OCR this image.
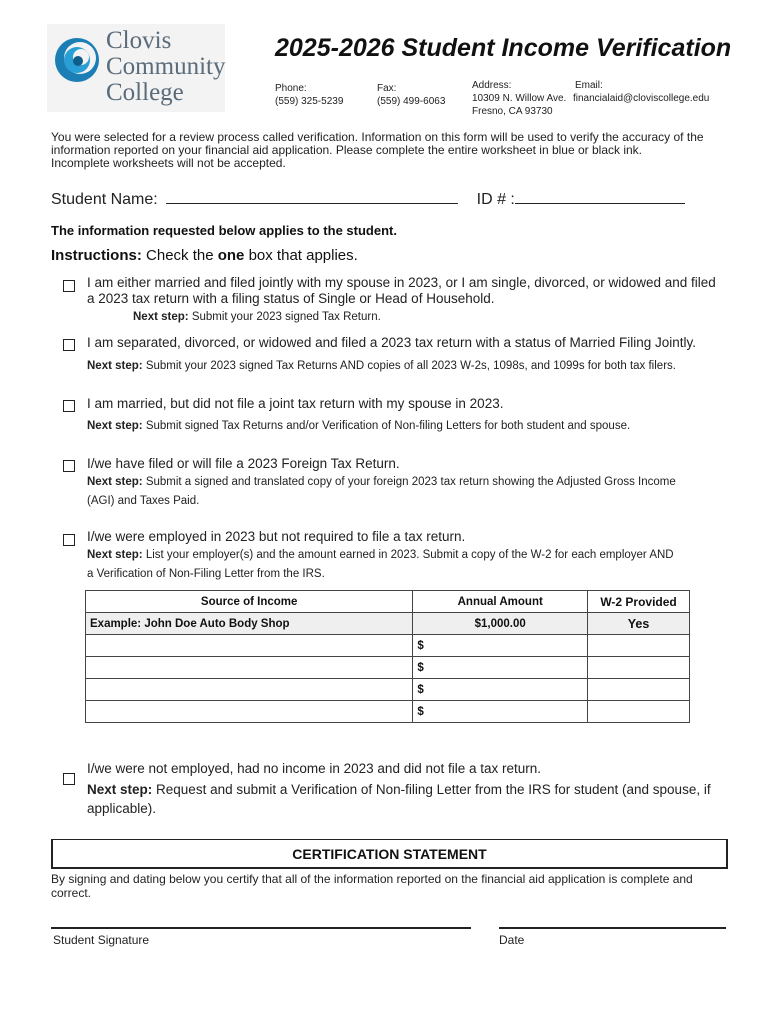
Clovis
Community
College
2025-2026 Student Income Verification
Phone:
(559) 325-5239
Fax:
(559) 499-6063
Address:
10309 N. Willow Ave.
Fresno, CA 93730
Email:
financialaid@cloviscollege.edu
You were selected for a review process called verification. Information on this form will be used to verify the accuracy of the
information reported on your financial aid application. Please complete the entire worksheet in blue or black ink.
Incomplete worksheets will not be accepted.
Student Name:	ID # :
The information requested below applies to the student.
Instructions: Check the one box that applies.
I am either married and filed jointly with my spouse in 2023, or I am single, divorced, or widowed and filed
a 2023 tax return with a filing status of Single or Head of Household.
Next step: Submit your 2023 signed Tax Return.
I am separated, divorced, or widowed and filed a 2023 tax return with a status of Married Filing Jointly.
Next step: Submit your 2023 signed Tax Returns AND copies of all 2023 W-2s, 1098s, and 1099s for both tax filers.
I am married, but did not file a joint tax return with my spouse in 2023.
Next step: Submit signed Tax Returns and/or Verification of Non-filing Letters for both student and spouse.
I/we have filed or will file a 2023 Foreign Tax Return.
Next step: Submit a signed and translated copy of your foreign 2023 tax return showing the Adjusted Gross Income
(AGI) and Taxes Paid.
I/we were employed in 2023 but not required to file a tax return.
Next step: List your employer(s) and the amount earned in 2023. Submit a copy of the W-2 for each employer AND
a Verification of Non-Filing Letter from the IRS.
Source of Income	Annual Amount	W-2 Provided
Example: John Doe Auto Body Shop	$1,000.00	Yes
	$	
	$	
	$	
	$	
I/we were not employed, had no income in 2023 and did not file a tax return.
Next step: Request and submit a Verification of Non-filing Letter from the IRS for student (and spouse, if
applicable).
CERTIFICATION STATEMENT
By signing and dating below you certify that all of the information reported on the financial aid application is complete and
correct.
Student Signature	Date
